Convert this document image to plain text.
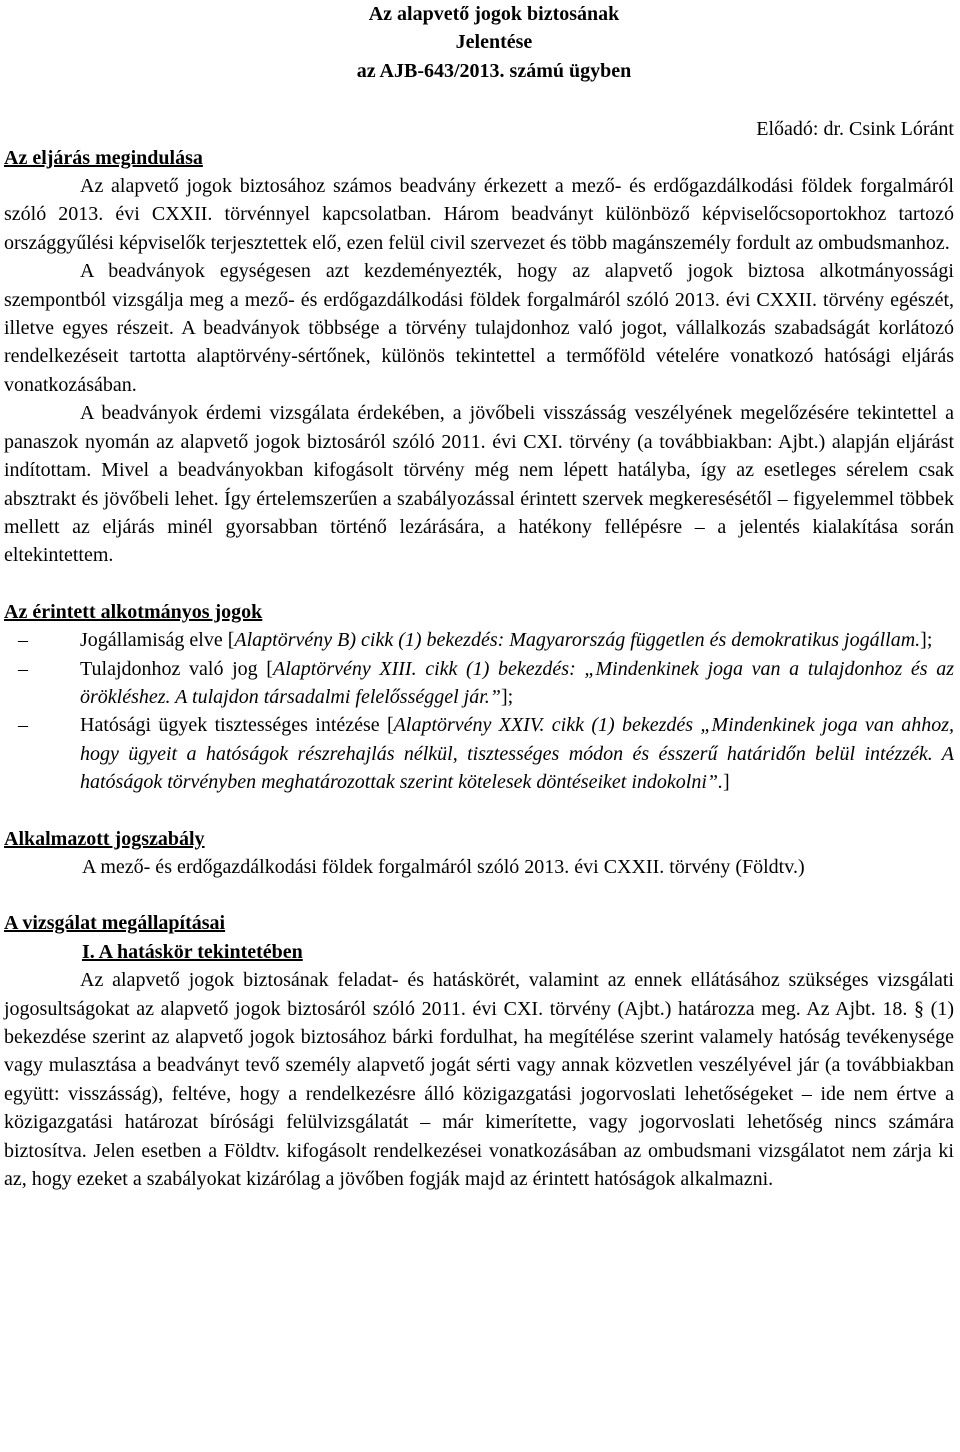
Az alapvető jogok biztosának
Jelentése
az AJB-643/2013. számú ügyben
Előadó: dr. Csink Lóránt
Az eljárás megindulása

Az alapvető jogok biztosához számos beadvány érkezett a mező- és erdőgazdálkodási földek forgalmáról szóló 2013. évi CXXII. törvénnyel kapcsolatban. Három beadványt különböző képviselőcsoportokhoz tartozó országgyűlési képviselők terjesztettek elő, ezen felül civil szervezet és több magánszemély fordult az ombudsmanhoz.

A beadványok egységesen azt kezdeményezték, hogy az alapvető jogok biztosa alkotmányossági szempontból vizsgálja meg a mező- és erdőgazdálkodási földek forgalmáról szóló 2013. évi CXXII. törvény egészét, illetve egyes részeit. A beadványok többsége a törvény tulajdonhoz való jogot, vállalkozás szabadságát korlátozó rendelkezéseit tartotta alaptörvény-sértőnek, különös tekintettel a termőföld vételére vonatkozó hatósági eljárás vonatkozásában.

A beadványok érdemi vizsgálata érdekében, a jövőbeli visszásság veszélyének megelőzésére tekintettel a panaszok nyomán az alapvető jogok biztosáról szóló 2011. évi CXI. törvény (a továbbiakban: Ajbt.) alapján eljárást indítottam. Mivel a beadványokban kifogásolt törvény még nem lépett hatályba, így az esetleges sérelem csak absztrakt és jövőbeli lehet. Így értelemszerűen a szabályozással érintett szervek megkeresésétől – figyelemmel többek mellett az eljárás minél gyorsabban történő lezárására, a hatékony fellépésre – a jelentés kialakítása során eltekintettem.

Az érintett alkotmányos jogok
–	Jogállamiság elve [Alaptörvény B) cikk (1) bekezdés: Magyarország független és demokratikus jogállam.];
–	Tulajdonhoz való jog [Alaptörvény XIII. cikk (1) bekezdés: „Mindenkinek joga van a tulajdonhoz és az örökléshez. A tulajdon társadalmi felelősséggel jár.”];
–	Hatósági ügyek tisztességes intézése [Alaptörvény XXIV. cikk (1) bekezdés „Mindenkinek joga van ahhoz, hogy ügyeit a hatóságok részrehajlás nélkül, tisztességes módon és ésszerű határidőn belül intézzék. A hatóságok törvényben meghatározottak szerint kötelesek döntéseiket indokolni”.]
Alkalmazott jogszabály

A mező- és erdőgazdálkodási földek forgalmáról szóló 2013. évi CXXII. törvény (Földtv.)

A vizsgálat megállapításai
I. A hatáskör tekintetében

Az alapvető jogok biztosának feladat- és hatáskörét, valamint az ennek ellátásához szükséges vizsgálati jogosultságokat az alapvető jogok biztosáról szóló 2011. évi CXI. törvény (Ajbt.) határozza meg. Az Ajbt. 18. § (1) bekezdése szerint az alapvető jogok biztosához bárki fordulhat, ha megítélése szerint valamely hatóság tevékenysége vagy mulasztása a beadványt tevő személy alapvető jogát sérti vagy annak közvetlen veszélyével jár (a továbbiakban együtt: visszásság), feltéve, hogy a rendelkezésre álló közigazgatási jogorvoslati lehetőségeket – ide nem értve a közigazgatási határozat bírósági felülvizsgálatát – már kimerítette, vagy jogorvoslati lehetőség nincs számára biztosítva. Jelen esetben a Földtv. kifogásolt rendelkezései vonatkozásában az ombudsmani vizsgálatot nem zárja ki az, hogy ezeket a szabályokat kizárólag a jövőben fogják majd az érintett hatóságok alkalmazni.
